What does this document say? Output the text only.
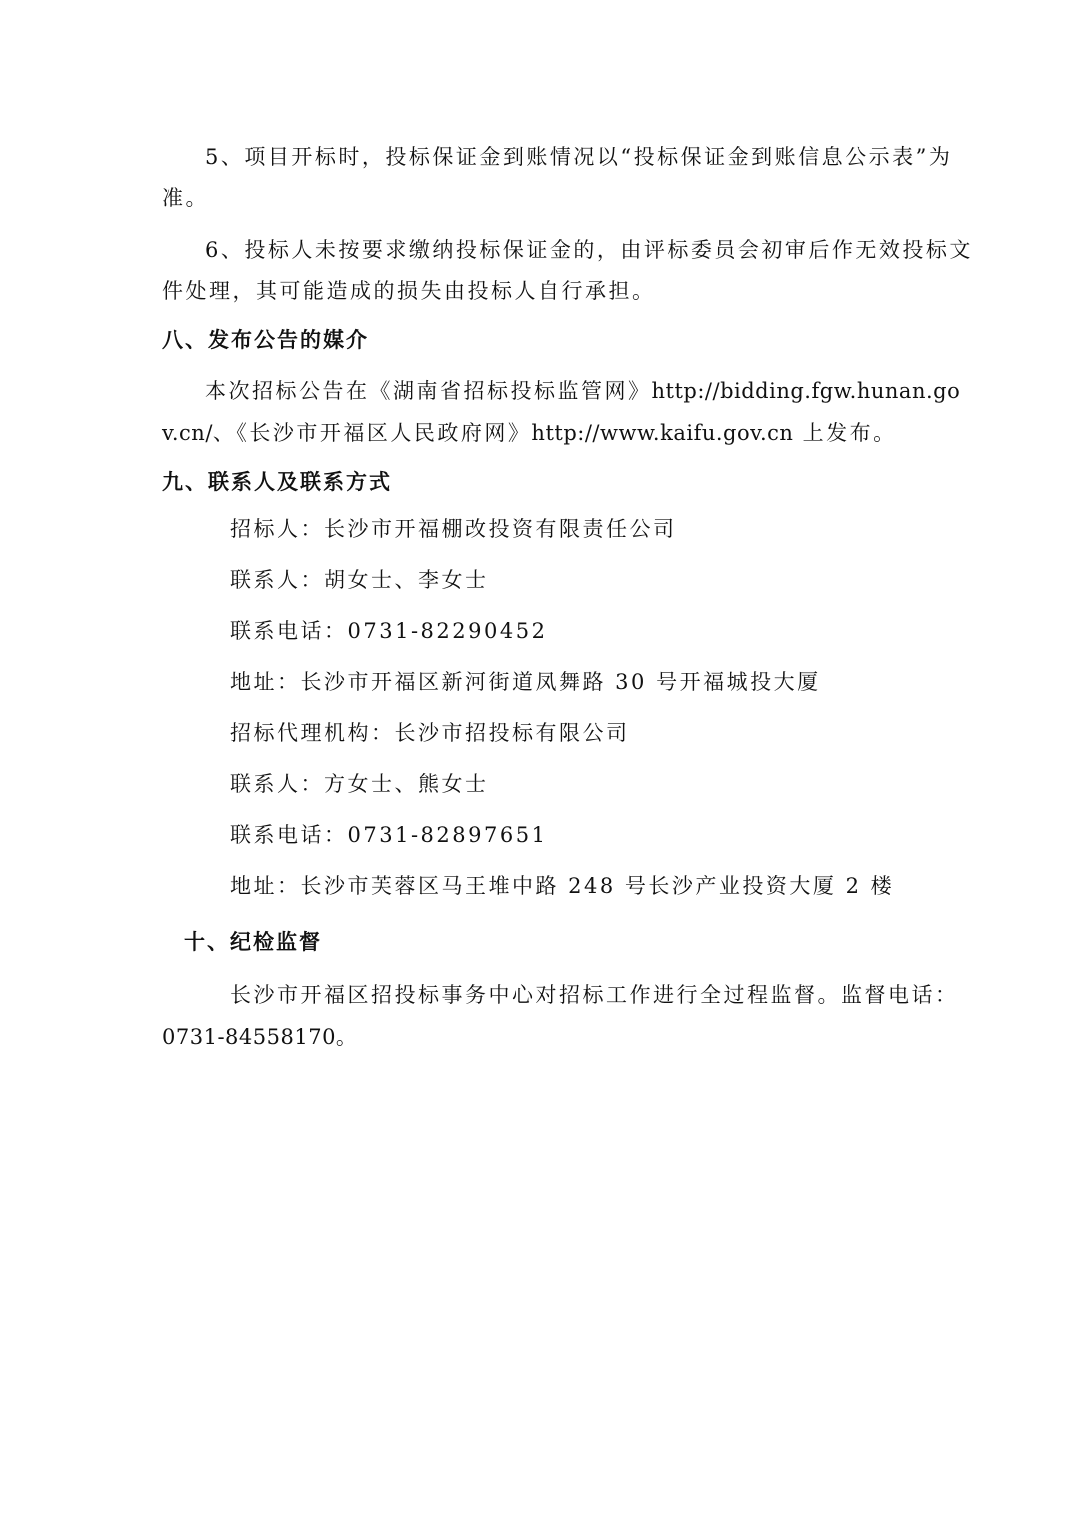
5、项目开标时，投标保证金到账情况以“投标保证金到账信息公示表”为
准。
6、投标人未按要求缴纳投标保证金的，由评标委员会初审后作无效投标文
件处理，其可能造成的损失由投标人自行承担。
八、发布公告的媒介
本次招标公告在《湖南省招标投标监管网》http://bidding.fgw.hunan.go
v.cn/、《长沙市开福区人民政府网》http://www.kaifu.gov.cn 上发布。
九、联系人及联系方式
招标人：长沙市开福棚改投资有限责任公司
联系人：胡女士、李女士
联系电话：0731-82290452
地址：长沙市开福区新河街道凤舞路 30 号开福城投大厦
招标代理机构：长沙市招投标有限公司
联系人：方女士、熊女士
联系电话：0731-82897651
地址：长沙市芙蓉区马王堆中路 248 号长沙产业投资大厦 2 楼
十、纪检监督
长沙市开福区招投标事务中心对招标工作进行全过程监督。监督电话：
0731-84558170。
